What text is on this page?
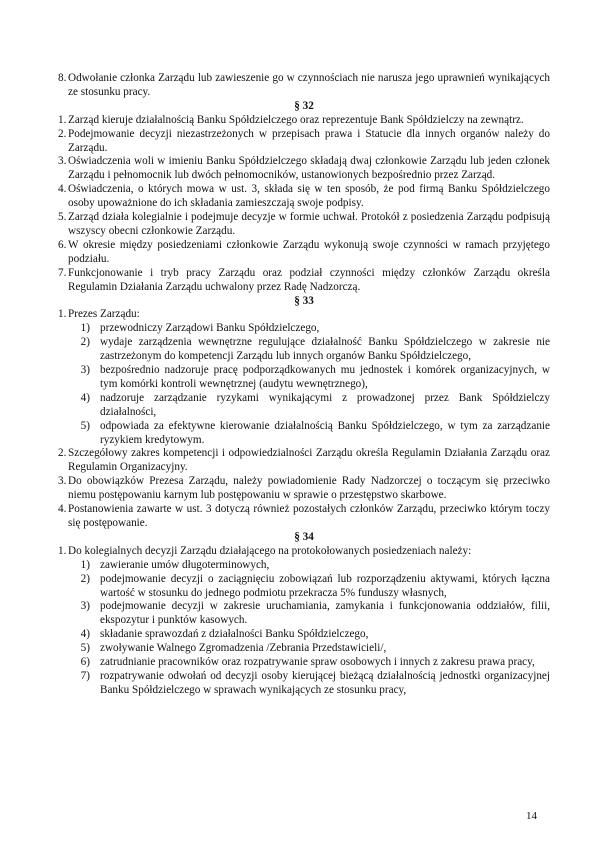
8. Odwołanie członka Zarządu lub zawieszenie go w czynnościach nie narusza jego uprawnień wynikających ze stosunku pracy.
§ 32
1. Zarząd kieruje działalnością Banku Spółdzielczego oraz reprezentuje Bank Spółdzielczy na zewnątrz.
2. Podejmowanie decyzji niezastrzeżonych w przepisach prawa i Statucie dla innych organów należy do Zarządu.
3. Oświadczenia woli w imieniu Banku Spółdzielczego składają dwaj członkowie Zarządu lub jeden członek Zarządu i pełnomocnik lub dwóch pełnomocników, ustanowionych bezpośrednio przez Zarząd.
4. Oświadczenia, o których mowa w ust. 3, składa się w ten sposób, że pod firmą Banku Spółdzielczego osoby upoważnione do ich składania zamieszczają swoje podpisy.
5. Zarząd działa kolegialnie i podejmuje decyzje w formie uchwał. Protokół z posiedzenia Zarządu podpisują wszyscy obecni członkowie Zarządu.
6. W okresie między posiedzeniami członkowie Zarządu wykonują swoje czynności w ramach przyjętego podziału.
7. Funkcjonowanie i tryb pracy Zarządu oraz podział czynności między członków Zarządu określa Regulamin Działania Zarządu uchwalony przez Radę Nadzorczą.
§ 33
1. Prezes Zarządu:
1) przewodniczy Zarządowi Banku Spółdzielczego,
2) wydaje zarządzenia wewnętrzne regulujące działalność Banku Spółdzielczego w zakresie nie zastrzeżonym do kompetencji Zarządu lub innych organów Banku Spółdzielczego,
3) bezpośrednio nadzoruje pracę podporządkowanych mu jednostek i komórek organizacyjnych, w tym komórki kontroli wewnętrznej (audytu wewnętrznego),
4) nadzoruje zarządzanie ryzykami wynikającymi z prowadzonej przez Bank Spółdzielczy działalności,
5) odpowiada za efektywne kierowanie działalnością Banku Spółdzielczego, w tym za zarządzanie ryzykiem kredytowym.
2. Szczegółowy zakres kompetencji i odpowiedzialności Zarządu określa Regulamin Działania Zarządu oraz Regulamin Organizacyjny.
3. Do obowiązków Prezesa Zarządu, należy powiadomienie Rady Nadzorczej o toczącym się przeciwko niemu postępowaniu karnym lub postępowaniu w sprawie o przestępstwo skarbowe.
4. Postanowienia zawarte w ust. 3 dotyczą również pozostałych członków Zarządu, przeciwko którym toczy się postępowanie.
§ 34
1. Do kolegialnych decyzji Zarządu działającego na protokołowanych posiedzeniach należy:
1) zawieranie umów długoterminowych,
2) podejmowanie decyzji o zaciągnięciu zobowiązań lub rozporządzeniu aktywami, których łączna wartość w stosunku do jednego podmiotu przekracza 5% funduszy własnych,
3) podejmowanie decyzji w zakresie uruchamiania, zamykania i funkcjonowania oddziałów, filii, ekspozytur i punktów kasowych.
4) składanie sprawozdań z działalności Banku Spółdzielczego,
5) zwoływanie Walnego Zgromadzenia /Zebrania Przedstawicieli/,
6) zatrudnianie pracowników oraz rozpatrywanie spraw osobowych i innych z zakresu prawa pracy,
7) rozpatrywanie odwołań od decyzji osoby kierującej bieżącą działalnością jednostki organizacyjnej Banku Spółdzielczego w sprawach wynikających ze stosunku pracy,
14
